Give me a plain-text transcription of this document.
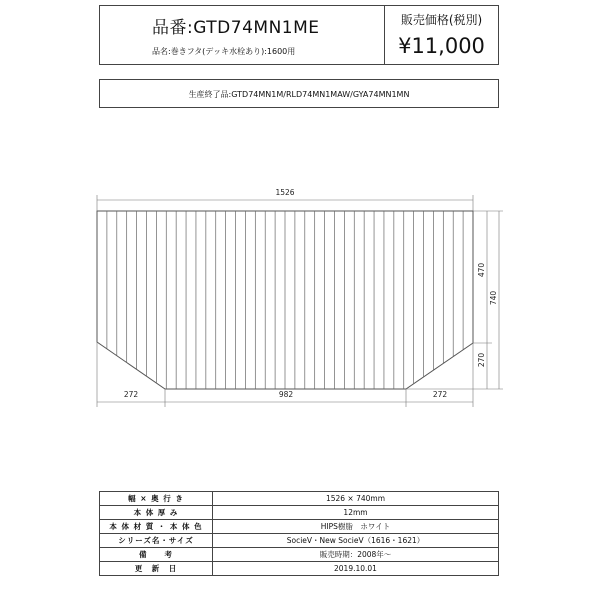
品番:GTD74MN1ME
品名:巻きフタ(デッキ水栓あり):1600用
販売価格(税別)
¥11,000
生産終了品:GTD74MN1M/RLD74MN1MAW/GYA74MN1MN
1526
272	982	272
470
270
740
幅 × 奥 行 き	1526 × 740mm
本 体 厚 み	12mm
本 体 材 質 ・ 本 体 色	HIPS樹脂　ホワイト
シリーズ名・サイズ	SocieV・New SocieV（1616・1621）
備　　考	販売時期：2008年～
更　新　日	2019.10.01
